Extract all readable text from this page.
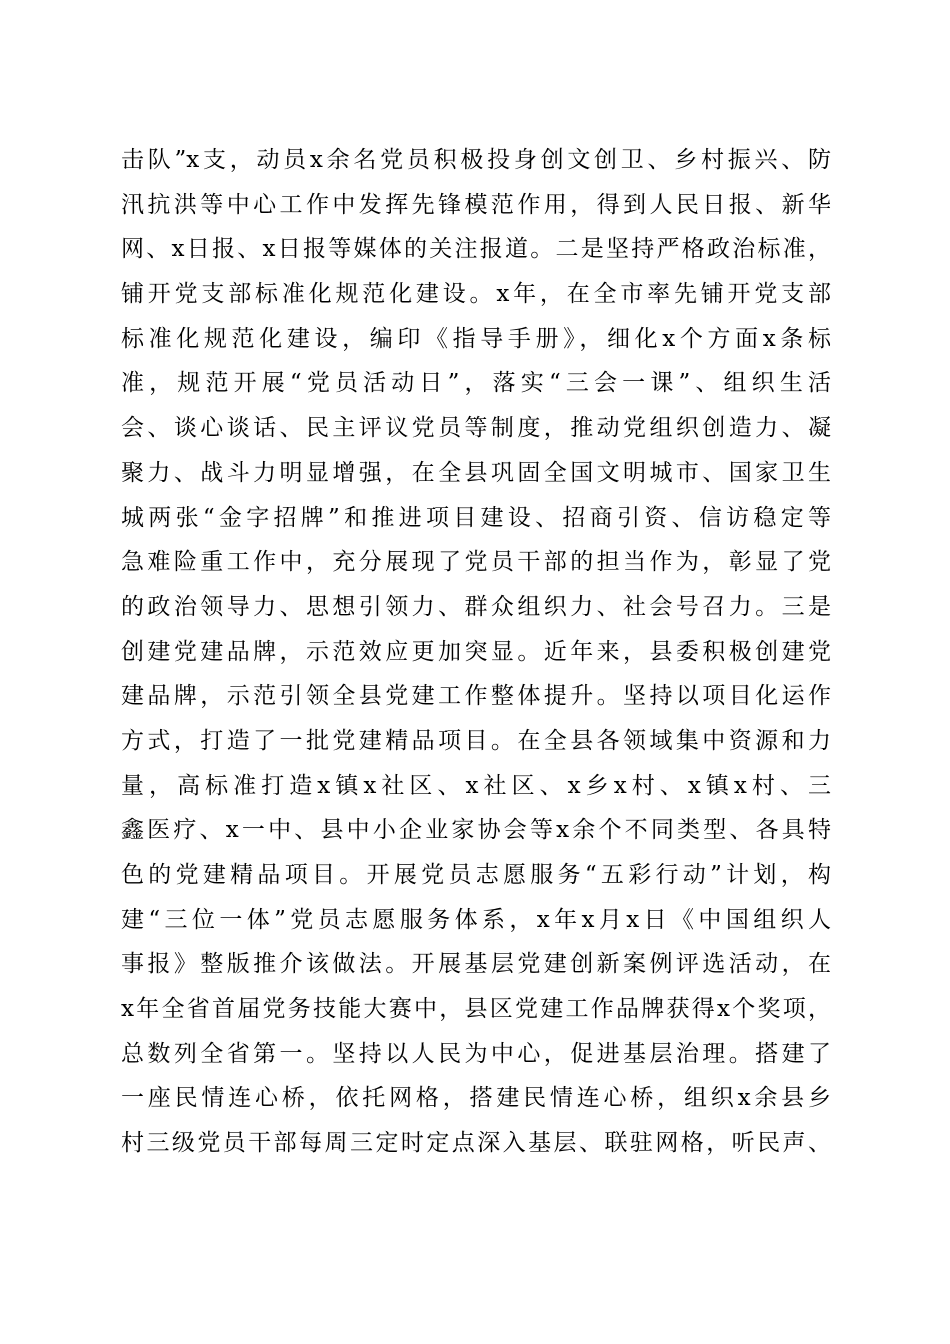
击队”x支，动员x余名党员积极投身创文创卫、乡村振兴、防
汛抗洪等中心工作中发挥先锋模范作用，得到人民日报、新华
网、x日报、x日报等媒体的关注报道。二是坚持严格政治标准，
铺开党支部标准化规范化建设。x年，在全市率先铺开党支部
标准化规范化建设，编印《指导手册》，细化x个方面x条标
准，规范开展“党员活动日”，落实“三会一课”、组织生活
会、谈心谈话、民主评议党员等制度，推动党组织创造力、凝
聚力、战斗力明显增强，在全县巩固全国文明城市、国家卫生
城两张“金字招牌”和推进项目建设、招商引资、信访稳定等
急难险重工作中，充分展现了党员干部的担当作为，彰显了党
的政治领导力、思想引领力、群众组织力、社会号召力。三是
创建党建品牌，示范效应更加突显。近年来，县委积极创建党
建品牌，示范引领全县党建工作整体提升。坚持以项目化运作
方式，打造了一批党建精品项目。在全县各领域集中资源和力
量，高标准打造x镇x社区、x社区、x乡x村、x镇x村、三
鑫医疗、x一中、县中小企业家协会等x余个不同类型、各具特
色的党建精品项目。开展党员志愿服务“五彩行动”计划，构
建“三位一体”党员志愿服务体系，x年x月x日《中国组织人
事报》整版推介该做法。开展基层党建创新案例评选活动，在
x年全省首届党务技能大赛中，县区党建工作品牌获得x个奖项，
总数列全省第一。坚持以人民为中心，促进基层治理。搭建了
一座民情连心桥，依托网格，搭建民情连心桥，组织x余县乡
村三级党员干部每周三定时定点深入基层、联驻网格，听民声、
